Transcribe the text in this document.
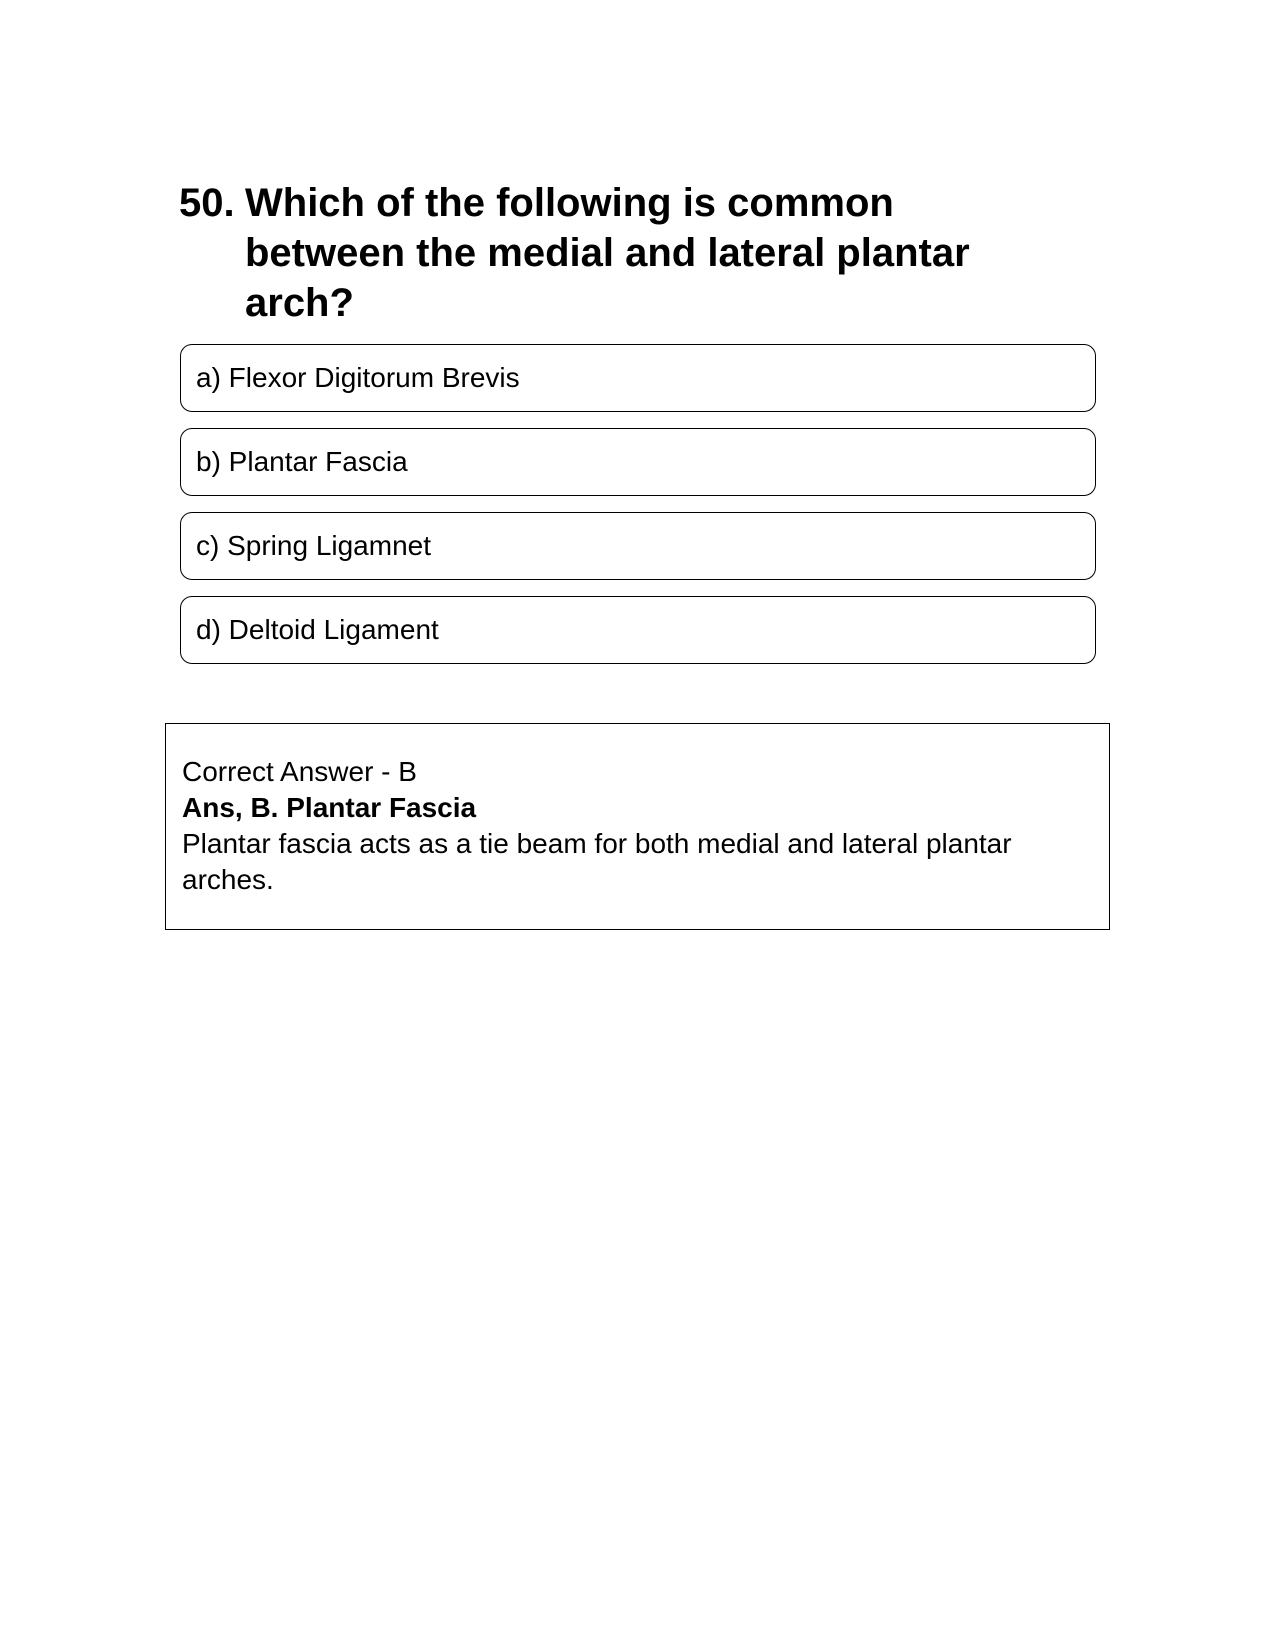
50. Which of the following is common between the medial and lateral plantar arch?
a) Flexor Digitorum Brevis
b) Plantar Fascia
c) Spring Ligamnet
d) Deltoid Ligament
Correct Answer - B
Ans, B. Plantar Fascia
Plantar fascia acts as a tie beam for both medial and lateral plantar arches.
